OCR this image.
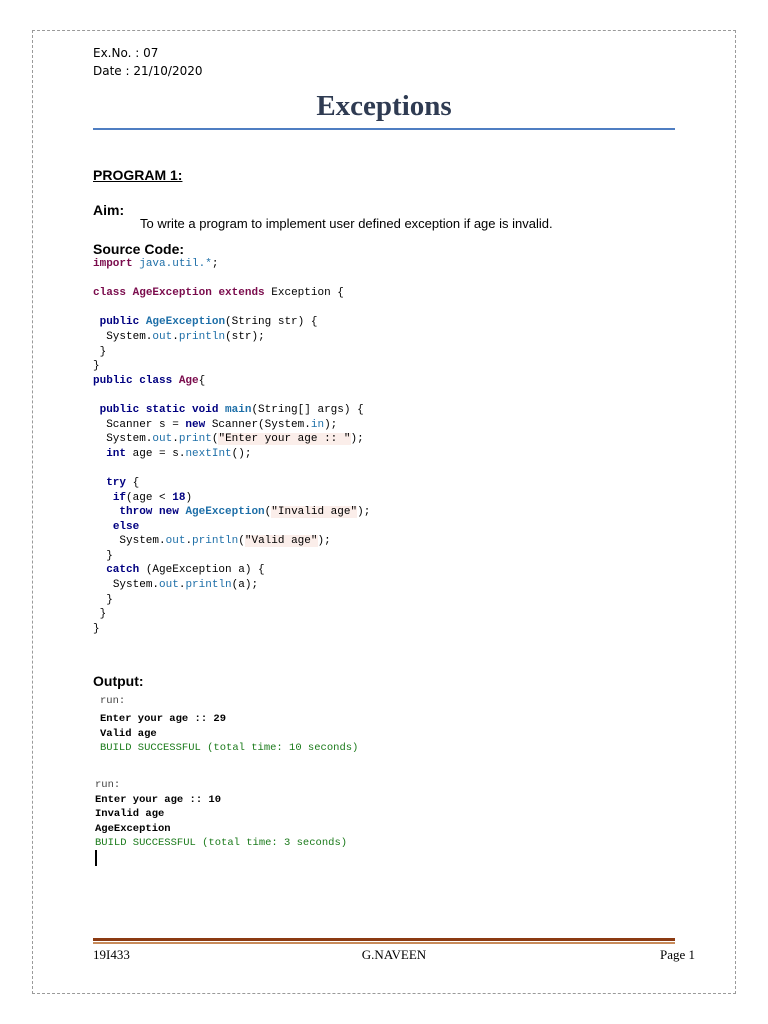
Ex.No. : 07
Date : 21/10/2020
Exceptions
PROGRAM 1:
Aim:
To write a program to implement user defined exception if age is invalid.
Source Code:
import java.util.*;

class AgeException extends Exception {

public AgeException(String str) {
System.out.println(str);
}
}
public class Age{

public static void main(String[] args) {
Scanner s = new Scanner(System.in);
System.out.print("Enter your age :: ");
int age = s.nextInt();

try {
if(age < 18)
throw new AgeException("Invalid age");
else
System.out.println("Valid age");
}
catch (AgeException a) {
System.out.println(a);
}
}
}
Output:
run:
Enter your age :: 29
Valid age
BUILD SUCCESSFUL (total time: 10 seconds)
run:
Enter your age :: 10
Invalid age
AgeException
BUILD SUCCESSFUL (total time: 3 seconds)
19I433	G.NAVEEN	Page 1
